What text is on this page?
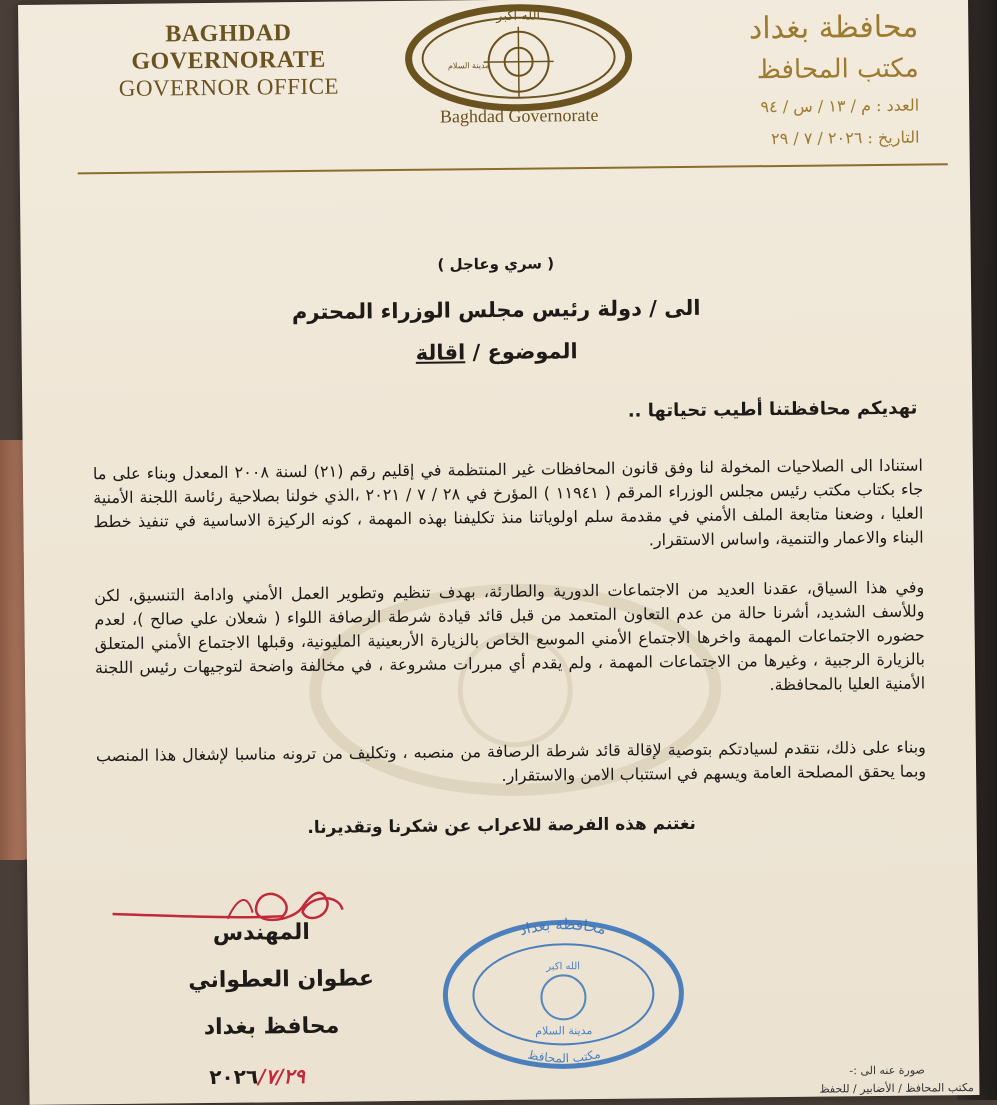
BAGHDAD GOVERNORATE
GOVERNOR OFFICE
الله اكبر
مدينة السلام
Baghdad Governorate
محافظة بغداد
مكتب المحافظ
العدد : م / ١٣ / س / ٩٤
التاريخ : ٢٠٢٦ / ٧ / ٢٩
( سري وعاجل )
الى / دولة رئيس مجلس الوزراء المحترم
الموضوع / اقالة
تهديكم محافظتنا أطيب تحياتها ..
استنادا الى الصلاحيات المخولة لنا وفق قانون المحافظات غير المنتظمة في إقليم رقم (٢١) لسنة ٢٠٠٨ المعدل وبناء على ما جاء بكتاب مكتب رئيس مجلس الوزراء المرقم ( ١١٩٤١ ) المؤرخ في ٢٨ / ٧ / ٢٠٢١ ،الذي خولنا بصلاحية رئاسة اللجنة الأمنية العليا ، وضعنا متابعة الملف الأمني في مقدمة سلم اولوياتنا منذ تكليفنا بهذه المهمة ، كونه الركيزة الاساسية في تنفيذ خطط البناء والاعمار والتنمية، واساس الاستقرار.
وفي هذا السياق، عقدنا العديد من الاجتماعات الدورية والطارئة، بهدف تنظيم وتطوير العمل الأمني وادامة التنسيق، لكن وللأسف الشديد، أشرنا حالة من عدم التعاون المتعمد من قبل قائد قيادة شرطة الرصافة اللواء ( شعلان علي صالح )، لعدم حضوره الاجتماعات المهمة واخرها الاجتماع الأمني الموسع الخاص بالزيارة الأربعينية المليونية، وقبلها الاجتماع الأمني المتعلق بالزيارة الرجبية ، وغيرها من الاجتماعات المهمة ، ولم يقدم أي مبررات مشروعة ، في مخالفة واضحة لتوجيهات رئيس اللجنة الأمنية العليا بالمحافظة.
وبناء على ذلك، نتقدم لسيادتكم بتوصية لإقالة قائد شرطة الرصافة من منصبه ، وتكليف من ترونه مناسبا لإشغال هذا المنصب وبما يحقق المصلحة العامة ويسهم في استتباب الامن والاستقرار.
نغتنم هذه الفرصة للاعراب عن شكرنا وتقديرنا.
المهندس
عطوان العطواني
محافظ بغداد
٢٠٢٦/٧/٢٩
محافظة بغداد
الله اكبر
مدينة السلام
مكتب المحافظ
صورة عنه الى :-
مكتب المحافظ / الأضابير / للحفظ
